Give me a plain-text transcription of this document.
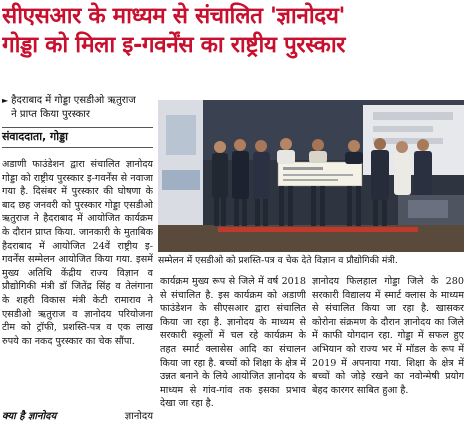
सीएसआर के माध्यम से संचालित 'ज्ञानोदय'
गोड्डा को मिला इ-गवर्नेंस का राष्ट्रीय पुरस्कार
► हैदराबाद में गोड्डा एसडीओ ऋतुराज
ने प्राप्त किया पुरस्कार
संवाददाता, गोड्डा
सम्मेलन में एसडीओ को प्रशस्ति-पत्र व चेक देते विज्ञान व प्रौद्योगिकी मंत्री.
अडाणी फाउंडेशन द्वारा संचालित ज्ञानोदय गोड्डा को राष्ट्रीय पुरस्कार इ-गवर्नेंस से नवाजा गया है. दिसंबर में पुरस्कार की घोषणा के बाद छह जनवरी को पुरस्कार गोड्डा एसडीओ ऋतुराज ने हैदराबाद में आयोजित कार्यक्रम के दौरान प्राप्त किया. जानकारी के मुताबिक हैदराबाद में आयोजित 24वें राष्ट्रीय इ-गवर्नेंस सम्मेलन आयोजित किया गया. इसमें मुख्य अतिथि केंद्रीय राज्य विज्ञान व प्रौद्योगिकी मंत्री डॉ जितेंद्र सिंह व तेलंगाना के शहरी विकास मंत्री केटी रामाराव ने एसडीओ ऋतुराज व ज्ञानोदय परियोजना टीम को ट्रॉफी, प्रशस्ति-पत्र व एक लाख रुपये का नकद पुरस्कार का चेक सौंपा.
कार्यक्रम मुख्य रूप से जिले में वर्ष 2018 से संचालित है. इस कार्यक्रम को अडाणी फाउंडेशन के सीएसआर द्वारा संचालित किया जा रहा है. ज्ञानोदय के माध्यम से सरकारी स्कूलों में चल रहे कार्यक्रम के तहत स्मार्ट क्लासेस आदि का संचालन किया जा रहा है. बच्चों को शिक्षा के क्षेत्र में उन्नत बनाने के लिये आयोजित ज्ञानोदय के माध्यम से गांव-गांव तक इसका प्रभाव देखा जा रहा है.
ज्ञानोदय फिलहाल गोड्डा जिले के 280 सरकारी विद्यालय में स्मार्ट क्लास के माध्यम से संचालित किया जा रहा है. खासकर कोरोना संक्रमण के दौरान ज्ञानोदय का जिले में काफी योगदान रहा. गोड्डा में सफल हुए अभियान को राज्य भर में मॉडल के रूप में 2019 में अपनाया गया. शिक्षा के क्षेत्र में बच्चों को जोड़े रखने का नवोन्मेषी प्रयोग बेहद कारगर साबित हुआ है.
क्या है ज्ञानोदय	ज्ञानोदय
